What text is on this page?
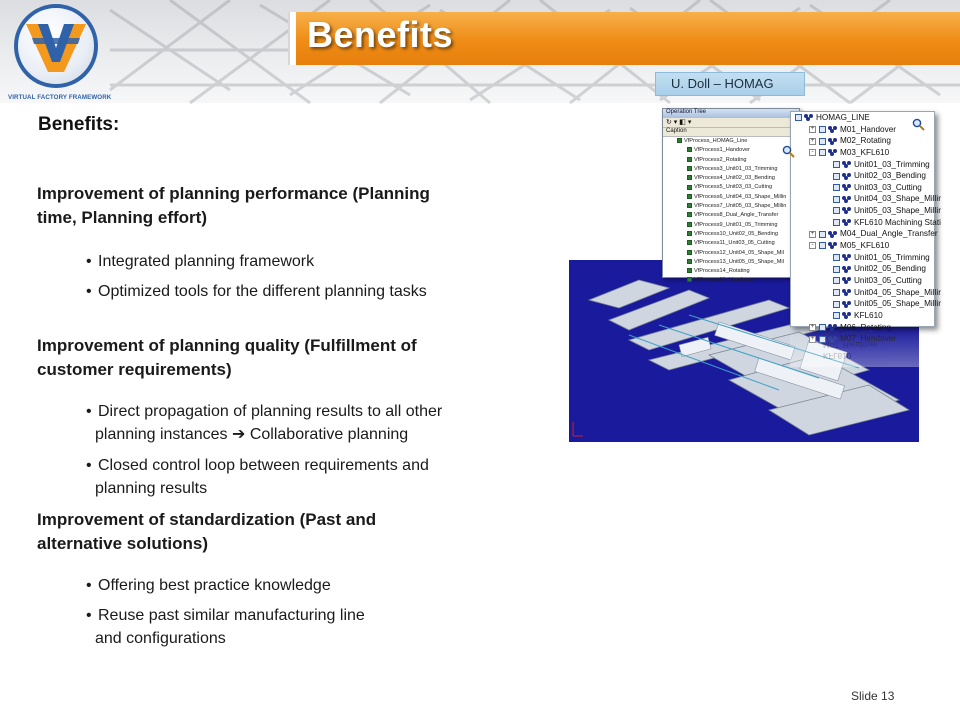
VIRTUAL FACTORY FRAMEWORK
Benefits
U. Doll – HOMAG
Benefits:
Improvement of planning performance (Planning
time, Planning effort)
• Integrated planning framework
• Optimized tools for the different planning tasks
Improvement of planning quality (Fulfillment of
customer requirements)
• Direct propagation of planning results to all other
planning instances ➔ Collaborative planning
• Closed control loop between requirements and
planning results
Improvement of standardization (Past and
alternative solutions)
• Offering best practice knowledge
• Reuse past similar manufacturing line
and configurations
Operation Tree
↻ ▾ ◧ ▾
Caption
VfProcess_HOMAG_Line
VfProcess1_Handover
VfProcess2_Rotating
VfProcess3_Unit01_03_Trimming
VfProcess4_Unit02_03_Bending
VfProcess5_Unit03_03_Cutting
VfProcess6_Unit04_03_Shape_Millin
VfProcess7_Unit05_03_Shape_Millin
VfProcess8_Dual_Angle_Transfer
VfProcess9_Unit01_05_Trimming
VfProcess10_Unit02_05_Bending
VfProcess11_Unit03_05_Cutting
VfProcess12_Unit04_05_Shape_Mil
VfProcess13_Unit05_05_Shape_Mil
VfProcess14_Rotating
VfProcess15_Handover
HOMAG_LINE
+	M01_Handover
+	M02_Rotating
-	M03_KFL610
Unit01_03_Trimming
Unit02_03_Bending
Unit03_03_Cutting
Unit04_03_Shape_Millir
Unit05_03_Shape_Millir
KFL610 Machining Stati
+	M04_Dual_Angle_Transfer
-	M05_KFL610
Unit01_05_Trimming
Unit02_05_Bending
Unit03_05_Cutting
Unit04_05_Shape_Millir
Unit05_05_Shape_Millir
KFL610
+	M06_Rotating
+	M07_Handover
M06_Rotating
M07_Handover
KFL610
Slide 13
